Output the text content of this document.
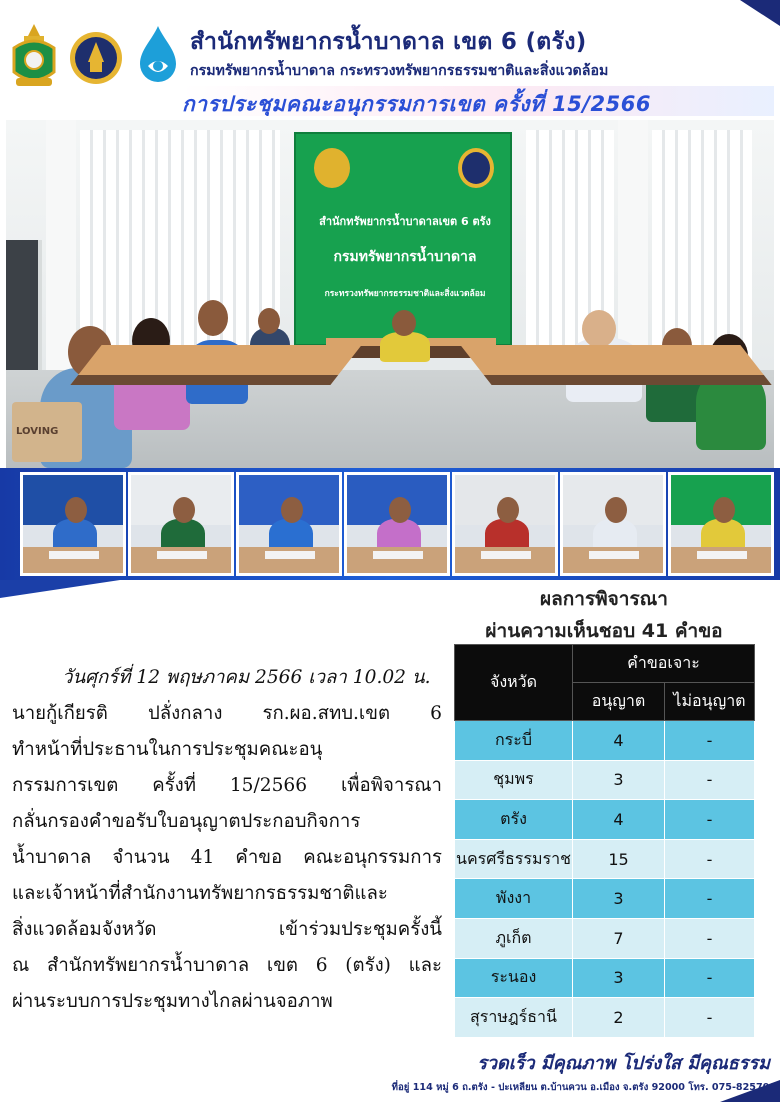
สำนักทรัพยากรน้ำบาดาล เขต 6 (ตรัง)
กรมทรัพยากรน้ำบาดาล กระทรวงทรัพยากรธรรมชาติและสิ่งแวดล้อม
การประชุมคณะอนุกรรมการเขต ครั้งที่ 15/2566
สำนักทรัพยากรน้ำบาดาลเขต 6 ตรัง
กรมทรัพยากรน้ำบาดาล
กระทรวงทรัพยากรธรรมชาติและสิ่งแวดล้อม
LOVING
ผลการพิจารณา
ผ่านความเห็นชอบ 41 คำขอ
วันศุกร์ที่ 12 พฤษภาคม 2566 เวลา 10.02 น.
นายกู้เกียรติ ปลั่งกลาง รก.ผอ.สทบ.เขต 6
ทำหน้าที่ประธานในการประชุมคณะอนุ
กรรมการเขต ครั้งที่ 15/2566 เพื่อพิจารณา
กลั่นกรองคำขอรับใบอนุญาตประกอบกิจการ
น้ำบาดาล จำนวน 41 คำขอ คณะอนุกรรมการ
และเจ้าหน้าที่สำนักงานทรัพยากรธรรมชาติและ
สิ่งแวดล้อมจังหวัด เข้าร่วมประชุมครั้งนี้
ณ สำนักทรัพยากรน้ำบาดาล เขต 6 (ตรัง) และ
ผ่านระบบการประชุมทางไกลผ่านจอภาพ
จังหวัด	คำขอเจาะ	
	อนุญาต	ไม่อนุญาต
กระบี่	4	-
ชุมพร	3	-
ตรัง	4	-
นครศรีธรรมราช	15	-
พังงา	3	-
ภูเก็ต	7	-
ระนอง	3	-
สุราษฎร์ธานี	2	-
รวดเร็ว มีคุณภาพ โปร่งใส มีคุณธรรม
ที่อยู่ 114 หมู่ 6 ถ.ตรัง - ปะเหลียน ต.บ้านควน อ.เมือง จ.ตรัง 92000 โทร. 075-825700
